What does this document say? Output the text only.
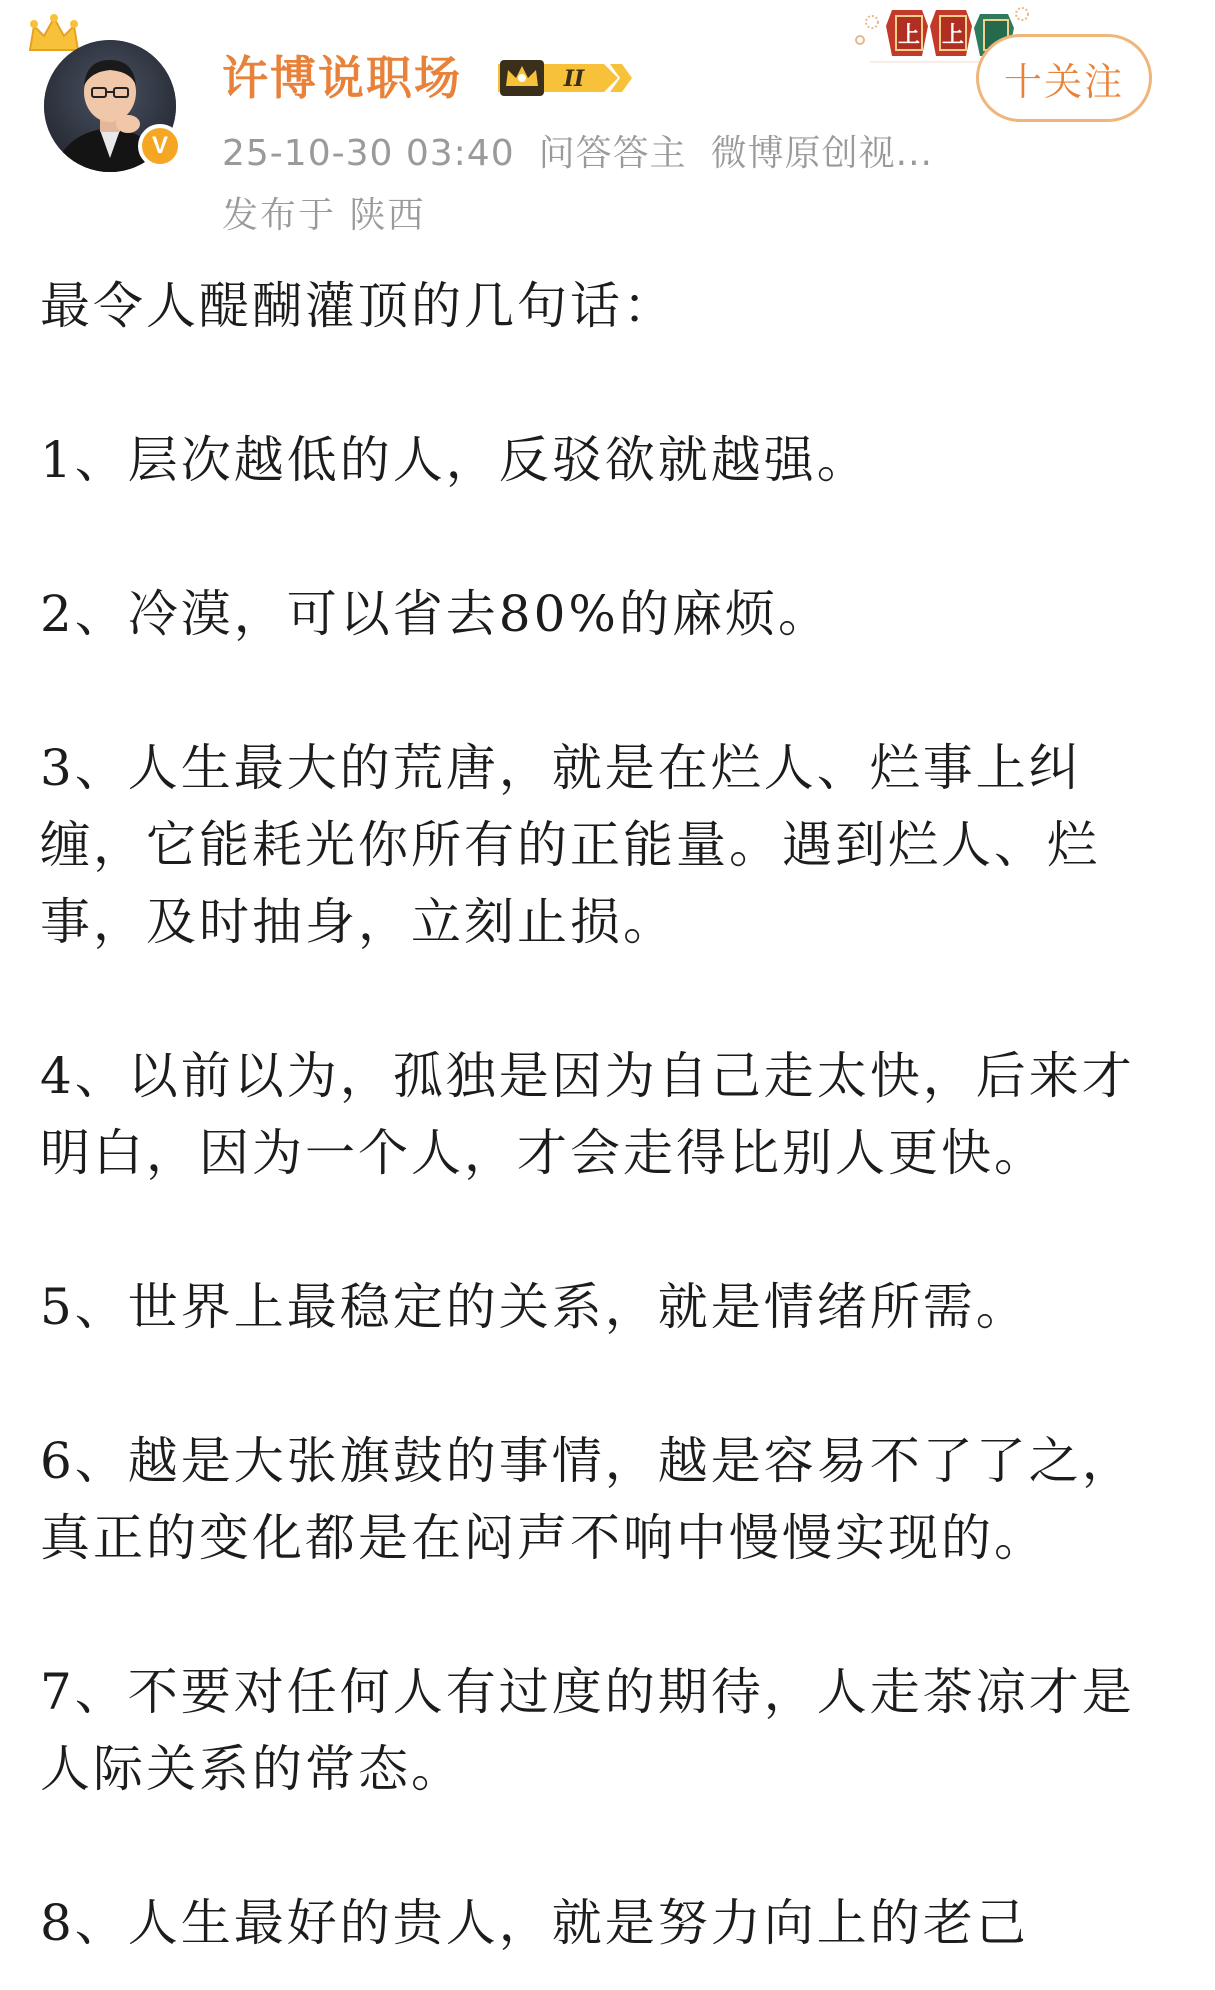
V
许博说职场	II
25-10-30 03:40 问答答主 微博原创视...
发布于 陕西
上 上
十关注

最令人醍醐灌顶的几句话：

1、层次越低的人，反驳欲就越强。

2、冷漠，可以省去80%的麻烦。

3、人生最大的荒唐，就是在烂人、烂事上纠缠，它能耗光你所有的正能量。遇到烂人、烂事，及时抽身，立刻止损。

4、以前以为，孤独是因为自己走太快，后来才明白，因为一个人，才会走得比别人更快。

5、世界上最稳定的关系，就是情绪所需。

6、越是大张旗鼓的事情，越是容易不了了之，真正的变化都是在闷声不响中慢慢实现的。

7、不要对任何人有过度的期待，人走茶凉才是人际关系的常态。

8、人生最好的贵人，就是努力向上的老己
